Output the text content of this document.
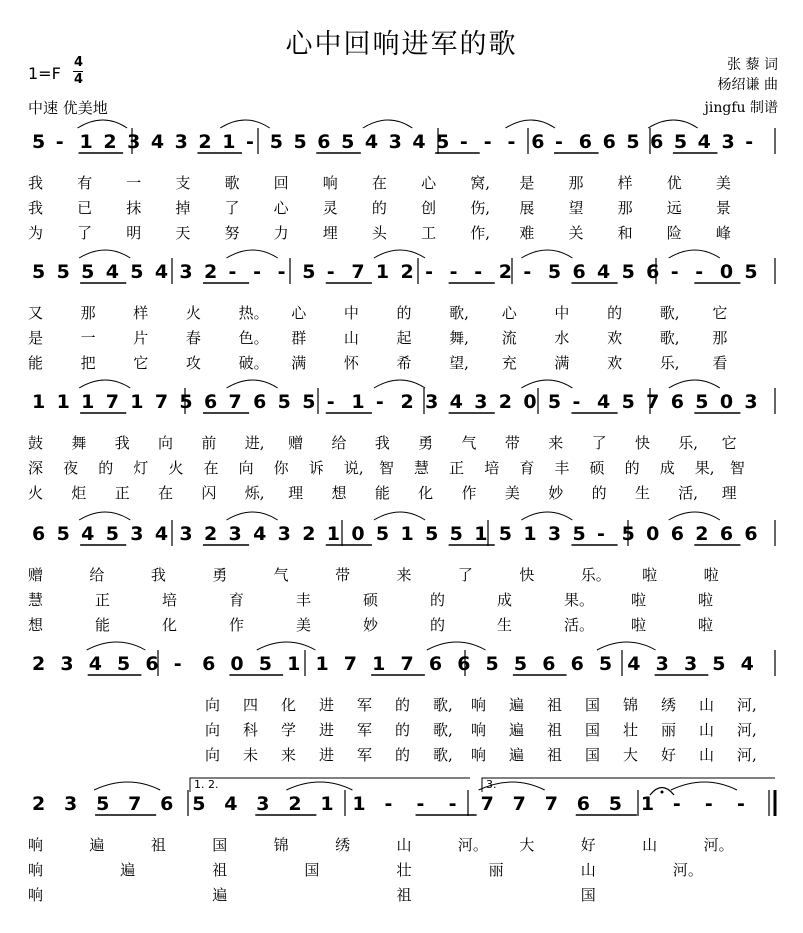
心中回响进军的歌
1=F
4
4
中速 优美地
张 藜 词
杨绍谦 曲
jingfu 制谱
5 - 1 2 3 4 3 2 1 - 5 5 6 5 4 3 4 5 - - - 6 - 6 6 5 6 5 4 3 -
我 有 一 支 歌 回 响 在 心 窝, 是 那 样 优 美
我 已 抹 掉 了 心 灵 的 创 伤, 展 望 那 远 景
为 了 明 天 努 力 埋 头 工 作, 难 关 和 险 峰
5 5 5 4 5 4 3 2 - - - 5 - 7 1 2 - - - 2 - 5 6 4 5 6 - - 0 5
又	那	样	火	热。 心	中	的	歌, 心	中	的	歌, 它
是	一	片	春	色。 群	山	起	舞, 流	水	欢	歌, 那
能	把	它	攻	破。 满	怀	希	望, 充	满	欢	乐, 看
1 1 1 7 1 7 5 6 7 6 5 5 - 1 - 2 3 4 3 2 0 5 - 4 5 7 6 5 0 3
鼓 舞 我 向 前 进, 赠 给 我 勇 气 带 来 了 快 乐, 它
深 夜 的 灯 火 在 向 你 诉 说, 智 慧 正 培 育 丰 硕 的 成 果, 智
火 炬 正 在 闪 烁, 理 想 能 化 作 美 妙 的 生 活, 理
6 5 4 5 3 4 3 2 3 4 3 2 1 0 5 1 5 5 1 5 1 3 5 - 5 0 6 2 6 6
赠	给	我	勇	气	带	来	了	快	乐。 啦	啦
慧	正	培	育	丰	硕	的	成	果。 啦	啦
想	能	化	作	美	妙	的	生	活。 啦	啦
2 3 4 5 6 - 6 0 5 1 1 7 1 7 6 6 5 5 6 6 5 4 3 3 5 4
向 四 化 进 军 的 歌, 响 遍 祖 国 锦 绣 山 河,
向 科 学 进 军 的 歌, 响 遍 祖 国 壮 丽 山 河,
向 未 来 进 军 的 歌, 响 遍 祖 国 大 好 山 河,
2 3 5 7 6 5 4 3 2 1 1 - - - 7 7 7 6 5 1 - - -
响	遍	祖	国	锦	绣	山	河。 大	好	山	河。
响	遍	祖	国	壮	丽	山	河。
响	遍	祖	国
1. 2.	3.
